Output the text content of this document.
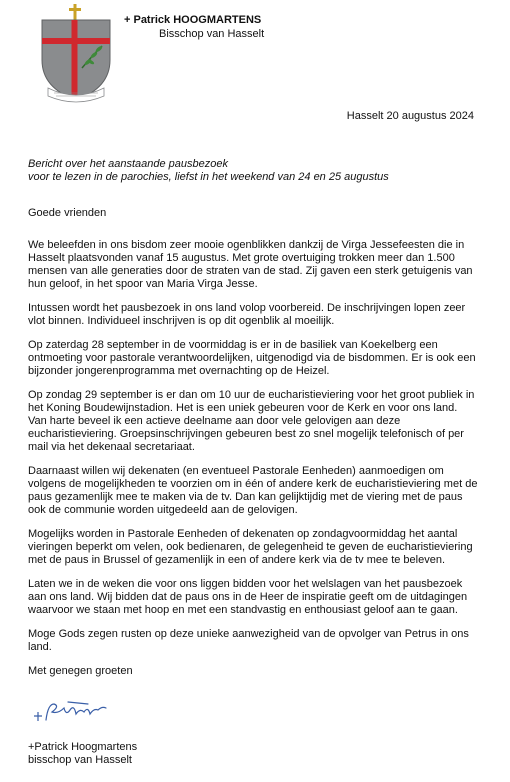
+ Patrick HOOGMARTENS
Bisschop van Hasselt
Hasselt 20 augustus 2024
Bericht over het aanstaande pausbezoek
voor te lezen in de parochies, liefst in het weekend van 24 en 25 augustus

Goede vrienden

We beleefden in ons bisdom zeer mooie ogenblikken dankzij de Virga Jessefeesten die in Hasselt plaatsvonden vanaf 15 augustus. Met grote overtuiging trokken meer dan 1.500 mensen van alle generaties door de straten van de stad. Zij gaven een sterk getuigenis van hun geloof, in het spoor van Maria Virga Jesse.

Intussen wordt het pausbezoek in ons land volop voorbereid. De inschrijvingen lopen zeer vlot binnen. Individueel inschrijven is op dit ogenblik al moeilijk.

Op zaterdag 28 september in de voormiddag is er in de basiliek van Koekelberg een ontmoeting voor pastorale verantwoordelijken, uitgenodigd via de bisdommen. Er is ook een bijzonder jongerenprogramma met overnachting op de Heizel.

Op zondag 29 september is er dan om 10 uur de eucharistieviering voor het groot publiek in het Koning Boudewijnstadion. Het is een uniek gebeuren voor de Kerk en voor ons land. Van harte beveel ik een actieve deelname aan door vele gelovigen aan deze eucharistieviering. Groepsinschrijvingen gebeuren best zo snel mogelijk telefonisch of per mail via het dekenaal secretariaat.

Daarnaast willen wij dekenaten (en eventueel Pastorale Eenheden) aanmoedigen om volgens de mogelijkheden te voorzien om in één of andere kerk de eucharistieviering met de paus gezamenlijk mee te maken via de tv. Dan kan gelijktijdig met de viering met de paus ook de communie worden uitgedeeld aan de gelovigen.

Mogelijks worden in Pastorale Eenheden of dekenaten op zondagvoormiddag het aantal vieringen beperkt om velen, ook bedienaren, de gelegenheid te geven de eucharistieviering met de paus in Brussel of gezamenlijk in een of andere kerk via de tv mee te beleven.

Laten we in de weken die voor ons liggen bidden voor het welslagen van het pausbezoek aan ons land. Wij bidden dat de paus ons in de Heer de inspiratie geeft om de uitdagingen waarvoor we staan met hoop en met een standvastig en enthousiast geloof aan te gaan.

Moge Gods zegen rusten op deze unieke aanwezigheid van de opvolger van Petrus in ons land.

Met genegen groeten

+Patrick Hoogmartens
bisschop van Hasselt
